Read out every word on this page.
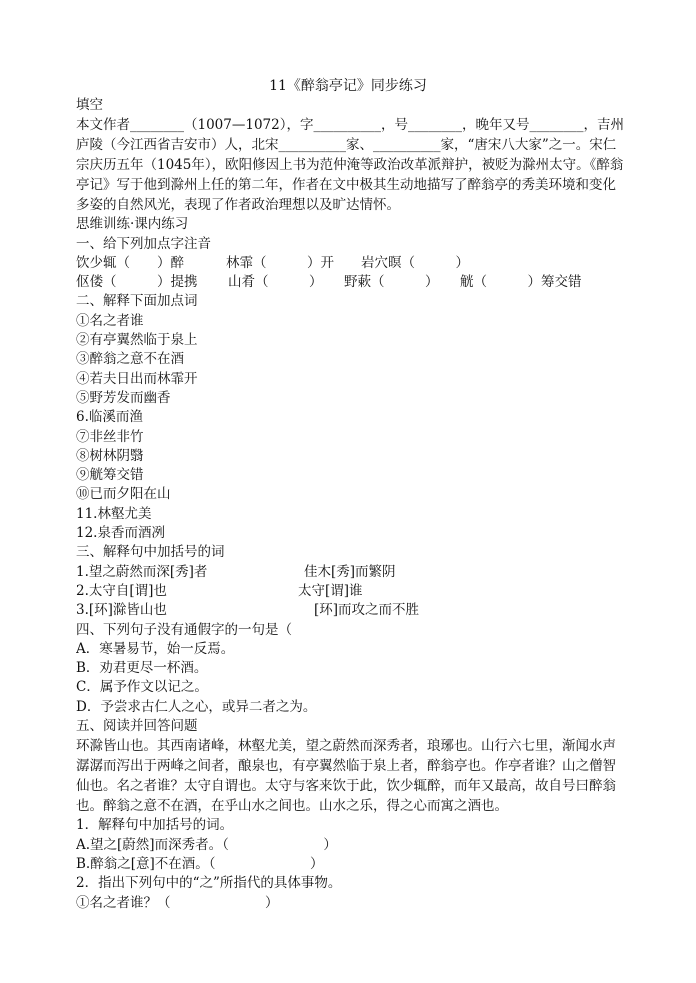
11《醉翁亭记》同步练习
填空
本文作者________（1007—1072），字__________，号________，晚年又号________，吉州庐陵（今江西省吉安市）人，北宋__________家、__________家，“唐宋八大家”之一。宋仁宗庆历五年（1045年），欧阳修因上书为范仲淹等政治改革派辩护，被贬为滁州太守。《醉翁亭记》写于他到滁州上任的第二年，作者在文中极其生动地描写了醉翁亭的秀美环境和变化多姿的自然风光，表现了作者政治理想以及旷达情怀。
思维训练·课内练习
一、给下列加点字注音
饮少辄（　　）醉	林霏（　　　）开 岩穴暝（　　　）
伛偻（　　　）提携 山肴（　　　） 野蔌（　　　） 觥（　　　）筹交错
二、解释下面加点词
①名之者谁
②有亭翼然临于泉上
③醉翁之意不在酒
④若夫日出而林霏开
⑤野芳发而幽香
6.临溪而渔
⑦非丝非竹
⑧树林阴翳
⑨觥筹交错
⑩已而夕阳在山
11.林壑尤美
12.泉香而酒冽
三、解释句中加括号的词
1.望之蔚然而深[秀]者	佳木[秀]而繁阴
2.太守自[谓]也	太守[谓]谁
3.[环]滁皆山也	[环]而攻之而不胜
四、下列句子没有通假字的一句是（
A．寒暑易节，始一反焉。
B．劝君更尽一杯酒。
C．属予作文以记之。
D．予尝求古仁人之心，或异二者之为。
五、阅读并回答问题
环滁皆山也。其西南诸峰，林壑尤美，望之蔚然而深秀者，琅琊也。山行六七里，渐闻水声潺潺而泻出于两峰之间者，酿泉也，有亭翼然临于泉上者，醉翁亭也。作亭者谁？山之僧智仙也。名之者谁？太守自谓也。太守与客来饮于此，饮少辄醉，而年又最高，故自号曰醉翁也。醉翁之意不在酒，在乎山水之间也。山水之乐，得之心而寓之酒也。
1．解释句中加括号的词。
A.望之[蔚然]而深秀者。（　　　　　　　）
B.醉翁之[意]不在酒。（　　　　　　　）
2．指出下列句中的“之”所指代的具体事物。
①名之者谁？（　　　　　　　）
